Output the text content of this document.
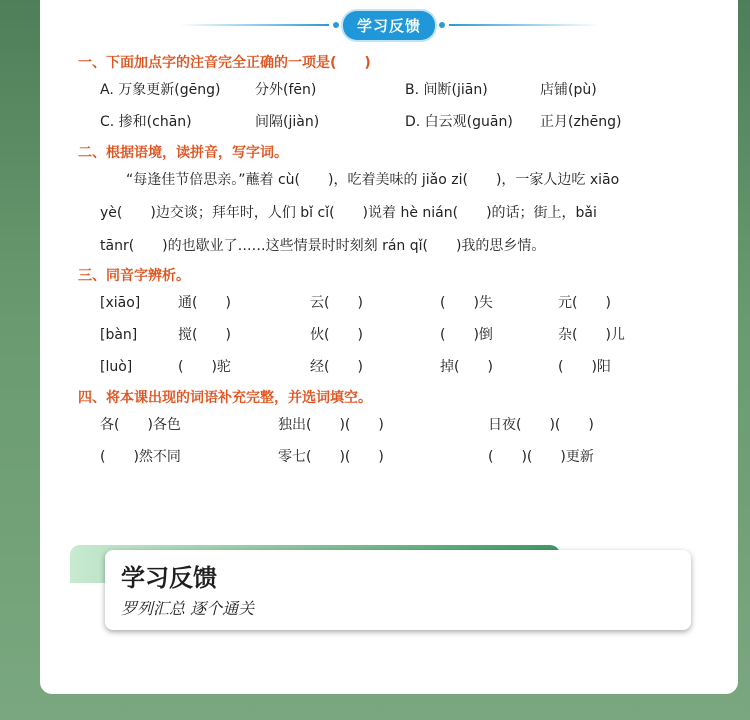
学习反馈
一、下面加点字的注音完全正确的一项是(　　)
A. 万象更新(gēng) 分外(fēn)	B. 间断(jiān)	店铺(pù)
C. 掺和(chān)	间隔(jiàn)	D. 白云观(guān) 正月(zhēng)
二、根据语境，读拼音，写字词。
“每逢佳节倍思亲。”蘸着 cù(　　)，吃着美味的 jiǎo zi(　　)，一家人边吃 xiāo
yè(　　)边交谈；拜年时，人们 bǐ cǐ(　　)说着 hè nián(　　)的话；街上，bǎi
tānr(　　)的也歇业了……这些情景时时刻刻 rán qǐ(　　)我的思乡情。
三、同音字辨析。
[xiāo]	通(　　)	云(　　)	(　　)失	元(　　)
[bàn]	搅(　　)	伙(　　)	(　　)倒	杂(　　)儿
[luò]	(　　)驼	经(　　)	掉(　　)	(　　)阳
四、将本课出现的词语补充完整，并选词填空。
各(　　)各色	独出(　　)(　　)	日夜(　　)(　　)
(　　)然不同	零七(　　)(　　)	(　　)(　　)更新
学习反馈
罗列汇总 逐个通关
